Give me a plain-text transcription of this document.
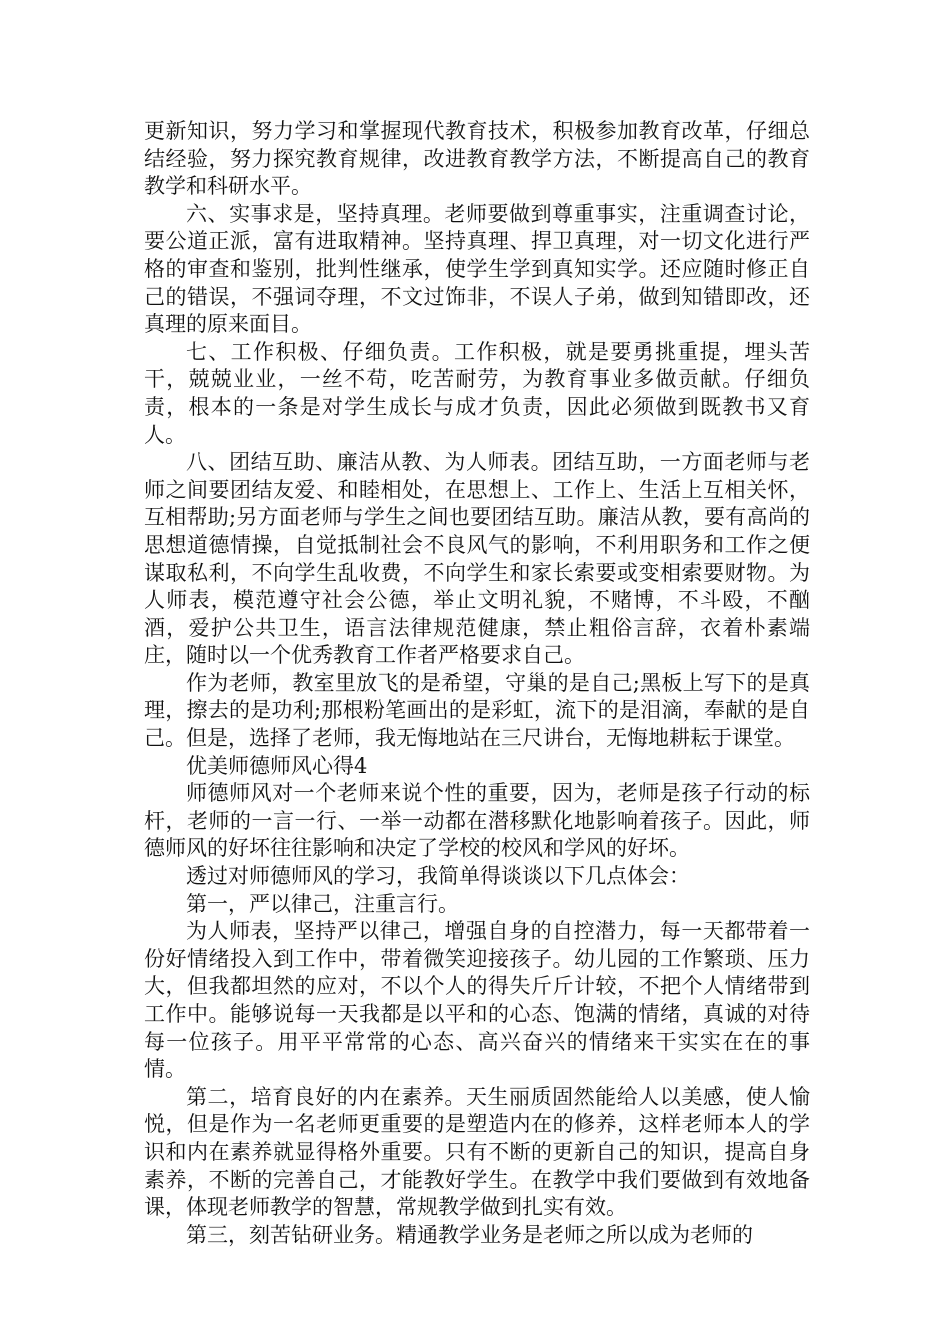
更新知识，努力学习和掌握现代教育技术，积极参加教育改革，仔细总结经验，努力探究教育规律，改进教育教学方法，不断提高自己的教育教学和科研水平。

六、实事求是，坚持真理。老师要做到尊重事实，注重调查讨论，要公道正派，富有进取精神。坚持真理、捍卫真理，对一切文化进行严格的审查和鉴别，批判性继承，使学生学到真知实学。还应随时修正自己的错误，不强词夺理，不文过饰非，不误人子弟，做到知错即改，还真理的原来面目。

七、工作积极、仔细负责。工作积极，就是要勇挑重提，埋头苦干，兢兢业业，一丝不苟，吃苦耐劳，为教育事业多做贡献。仔细负责，根本的一条是对学生成长与成才负责，因此必须做到既教书又育人。

八、团结互助、廉洁从教、为人师表。团结互助，一方面老师与老师之间要团结友爱、和睦相处，在思想上、工作上、生活上互相关怀，互相帮助;另方面老师与学生之间也要团结互助。廉洁从教，要有高尚的思想道德情操，自觉抵制社会不良风气的影响，不利用职务和工作之便谋取私利，不向学生乱收费，不向学生和家长索要或变相索要财物。为人师表，模范遵守社会公德，举止文明礼貌，不赌博，不斗殴，不酗酒，爱护公共卫生，语言法律规范健康，禁止粗俗言辞，衣着朴素端庄，随时以一个优秀教育工作者严格要求自己。

作为老师，教室里放飞的是希望，守巢的是自己;黑板上写下的是真理，擦去的是功利;那根粉笔画出的是彩虹，流下的是泪滴，奉献的是自己。但是，选择了老师，我无悔地站在三尺讲台，无悔地耕耘于课堂。

优美师德师风心得4

师德师风对一个老师来说个性的重要，因为，老师是孩子行动的标杆，老师的一言一行、一举一动都在潜移默化地影响着孩子。因此，师德师风的好坏往往影响和决定了学校的校风和学风的好坏。

透过对师德师风的学习，我简单得谈谈以下几点体会：

第一，严以律己，注重言行。

为人师表，坚持严以律己，增强自身的自控潜力，每一天都带着一份好情绪投入到工作中，带着微笑迎接孩子。幼儿园的工作繁琐、压力大，但我都坦然的应对，不以个人的得失斤斤计较，不把个人情绪带到工作中。能够说每一天我都是以平和的心态、饱满的情绪，真诚的对待每一位孩子。用平平常常的心态、高兴奋兴的情绪来干实实在在的事情。

第二，培育良好的内在素养。天生丽质固然能给人以美感，使人愉悦，但是作为一名老师更重要的是塑造内在的修养，这样老师本人的学识和内在素养就显得格外重要。只有不断的更新自己的知识，提高自身素养，不断的完善自己，才能教好学生。在教学中我们要做到有效地备课，体现老师教学的智慧，常规教学做到扎实有效。

第三，刻苦钻研业务。精通教学业务是老师之所以成为老师的
